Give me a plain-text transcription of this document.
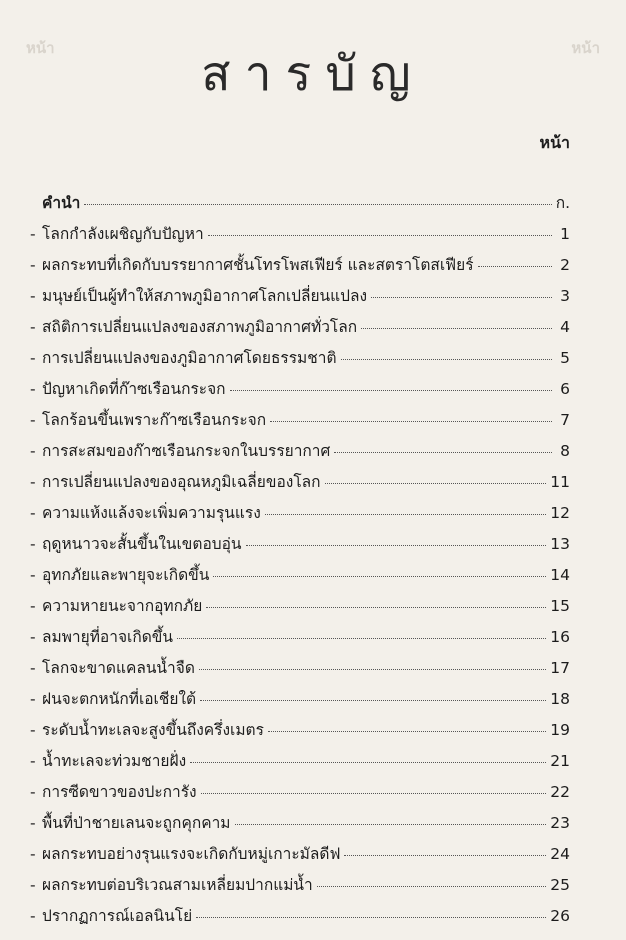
หน้า	หน้า
สารบัญ
หน้า
คำนำ	ก.
- โลกกำลังเผชิญกับปัญหา	1
- ผลกระทบที่เกิดกับบรรยากาศชั้นโทรโพสเฟียร์ และสตราโตสเฟียร์	2
- มนุษย์เป็นผู้ทำให้สภาพภูมิอากาศโลกเปลี่ยนแปลง	3
- สถิติการเปลี่ยนแปลงของสภาพภูมิอากาศทั่วโลก	4
- การเปลี่ยนแปลงของภูมิอากาศโดยธรรมชาติ	5
- ปัญหาเกิดที่ก๊าซเรือนกระจก	6
- โลกร้อนขึ้นเพราะก๊าซเรือนกระจก	7
- การสะสมของก๊าซเรือนกระจกในบรรยากาศ	8
- การเปลี่ยนแปลงของอุณหภูมิเฉลี่ยของโลก	11
- ความแห้งแล้งจะเพิ่มความรุนแรง	12
- ฤดูหนาวจะสั้นขึ้นในเขตอบอุ่น	13
- อุทกภัยและพายุจะเกิดขึ้น	14
- ความหายนะจากอุทกภัย	15
- ลมพายุที่อาจเกิดขึ้น	16
- โลกจะขาดแคลนน้ำจืด	17
- ฝนจะตกหนักที่เอเชียใต้	18
- ระดับน้ำทะเลจะสูงขึ้นถึงครึ่งเมตร	19
- น้ำทะเลจะท่วมชายฝั่ง	21
- การซีดขาวของปะการัง	22
- พื้นที่ป่าชายเลนจะถูกคุกคาม	23
- ผลกระทบอย่างรุนแรงจะเกิดกับหมู่เกาะมัลดีฟ	24
- ผลกระทบต่อบริเวณสามเหลี่ยมปากแม่น้ำ	25
- ปรากฏการณ์เอลนินโย่	26
